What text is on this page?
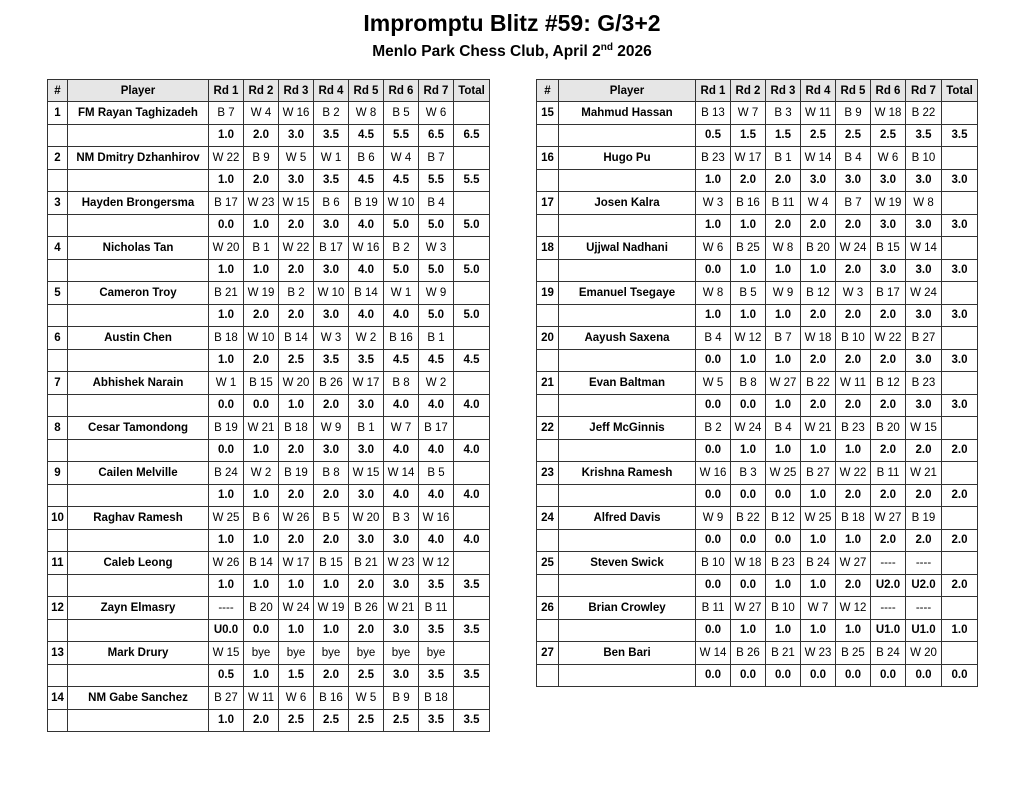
Impromptu Blitz #59: G/3+2
Menlo Park Chess Club, April 2nd 2026
#	Player	Rd 1	Rd 2	Rd 3	Rd 4	Rd 5	Rd 6	Rd 7	Total
1	FM Rayan Taghizadeh	B 7	W 4	W 16	B 2	W 8	B 5	W 6	
		1.0	2.0	3.0	3.5	4.5	5.5	6.5	6.5
2	NM Dmitry Dzhanhirov	W 22	B 9	W 5	W 1	B 6	W 4	B 7	
		1.0	2.0	3.0	3.5	4.5	4.5	5.5	5.5
3	Hayden Brongersma	B 17	W 23	W 15	B 6	B 19	W 10	B 4	
		0.0	1.0	2.0	3.0	4.0	5.0	5.0	5.0
4	Nicholas Tan	W 20	B 1	W 22	B 17	W 16	B 2	W 3	
		1.0	1.0	2.0	3.0	4.0	5.0	5.0	5.0
5	Cameron Troy	B 21	W 19	B 2	W 10	B 14	W 1	W 9	
		1.0	2.0	2.0	3.0	4.0	4.0	5.0	5.0
6	Austin Chen	B 18	W 10	B 14	W 3	W 2	B 16	B 1	
		1.0	2.0	2.5	3.5	3.5	4.5	4.5	4.5
7	Abhishek Narain	W 1	B 15	W 20	B 26	W 17	B 8	W 2	
		0.0	0.0	1.0	2.0	3.0	4.0	4.0	4.0
8	Cesar Tamondong	B 19	W 21	B 18	W 9	B 1	W 7	B 17	
		0.0	1.0	2.0	3.0	3.0	4.0	4.0	4.0
9	Cailen Melville	B 24	W 2	B 19	B 8	W 15	W 14	B 5	
		1.0	1.0	2.0	2.0	3.0	4.0	4.0	4.0
10	Raghav Ramesh	W 25	B 6	W 26	B 5	W 20	B 3	W 16	
		1.0	1.0	2.0	2.0	3.0	3.0	4.0	4.0
11	Caleb Leong	W 26	B 14	W 17	B 15	B 21	W 23	W 12	
		1.0	1.0	1.0	1.0	2.0	3.0	3.5	3.5
12	Zayn Elmasry	----	B 20	W 24	W 19	B 26	W 21	B 11	
		U0.0	0.0	1.0	1.0	2.0	3.0	3.5	3.5
13	Mark Drury	W 15	bye	bye	bye	bye	bye	bye	
		0.5	1.0	1.5	2.0	2.5	3.0	3.5	3.5
14	NM Gabe Sanchez	B 27	W 11	W 6	B 16	W 5	B 9	B 18	
		1.0	2.0	2.5	2.5	2.5	2.5	3.5	3.5
#	Player	Rd 1	Rd 2	Rd 3	Rd 4	Rd 5	Rd 6	Rd 7	Total
15	Mahmud Hassan	B 13	W 7	B 3	W 11	B 9	W 18	B 22	
		0.5	1.5	1.5	2.5	2.5	2.5	3.5	3.5
16	Hugo Pu	B 23	W 17	B 1	W 14	B 4	W 6	B 10	
		1.0	2.0	2.0	3.0	3.0	3.0	3.0	3.0
17	Josen Kalra	W 3	B 16	B 11	W 4	B 7	W 19	W 8	
		1.0	1.0	2.0	2.0	2.0	3.0	3.0	3.0
18	Ujjwal Nadhani	W 6	B 25	W 8	B 20	W 24	B 15	W 14	
		0.0	1.0	1.0	1.0	2.0	3.0	3.0	3.0
19	Emanuel Tsegaye	W 8	B 5	W 9	B 12	W 3	B 17	W 24	
		1.0	1.0	1.0	2.0	2.0	2.0	3.0	3.0
20	Aayush Saxena	B 4	W 12	B 7	W 18	B 10	W 22	B 27	
		0.0	1.0	1.0	2.0	2.0	2.0	3.0	3.0
21	Evan Baltman	W 5	B 8	W 27	B 22	W 11	B 12	B 23	
		0.0	0.0	1.0	2.0	2.0	2.0	3.0	3.0
22	Jeff McGinnis	B 2	W 24	B 4	W 21	B 23	B 20	W 15	
		0.0	1.0	1.0	1.0	1.0	2.0	2.0	2.0
23	Krishna Ramesh	W 16	B 3	W 25	B 27	W 22	B 11	W 21	
		0.0	0.0	0.0	1.0	2.0	2.0	2.0	2.0
24	Alfred Davis	W 9	B 22	B 12	W 25	B 18	W 27	B 19	
		0.0	0.0	0.0	1.0	1.0	2.0	2.0	2.0
25	Steven Swick	B 10	W 18	B 23	B 24	W 27	----	----	
		0.0	0.0	1.0	1.0	2.0	U2.0	U2.0	2.0
26	Brian Crowley	B 11	W 27	B 10	W 7	W 12	----	----	
		0.0	1.0	1.0	1.0	1.0	U1.0	U1.0	1.0
27	Ben Bari	W 14	B 26	B 21	W 23	B 25	B 24	W 20	
		0.0	0.0	0.0	0.0	0.0	0.0	0.0	0.0
